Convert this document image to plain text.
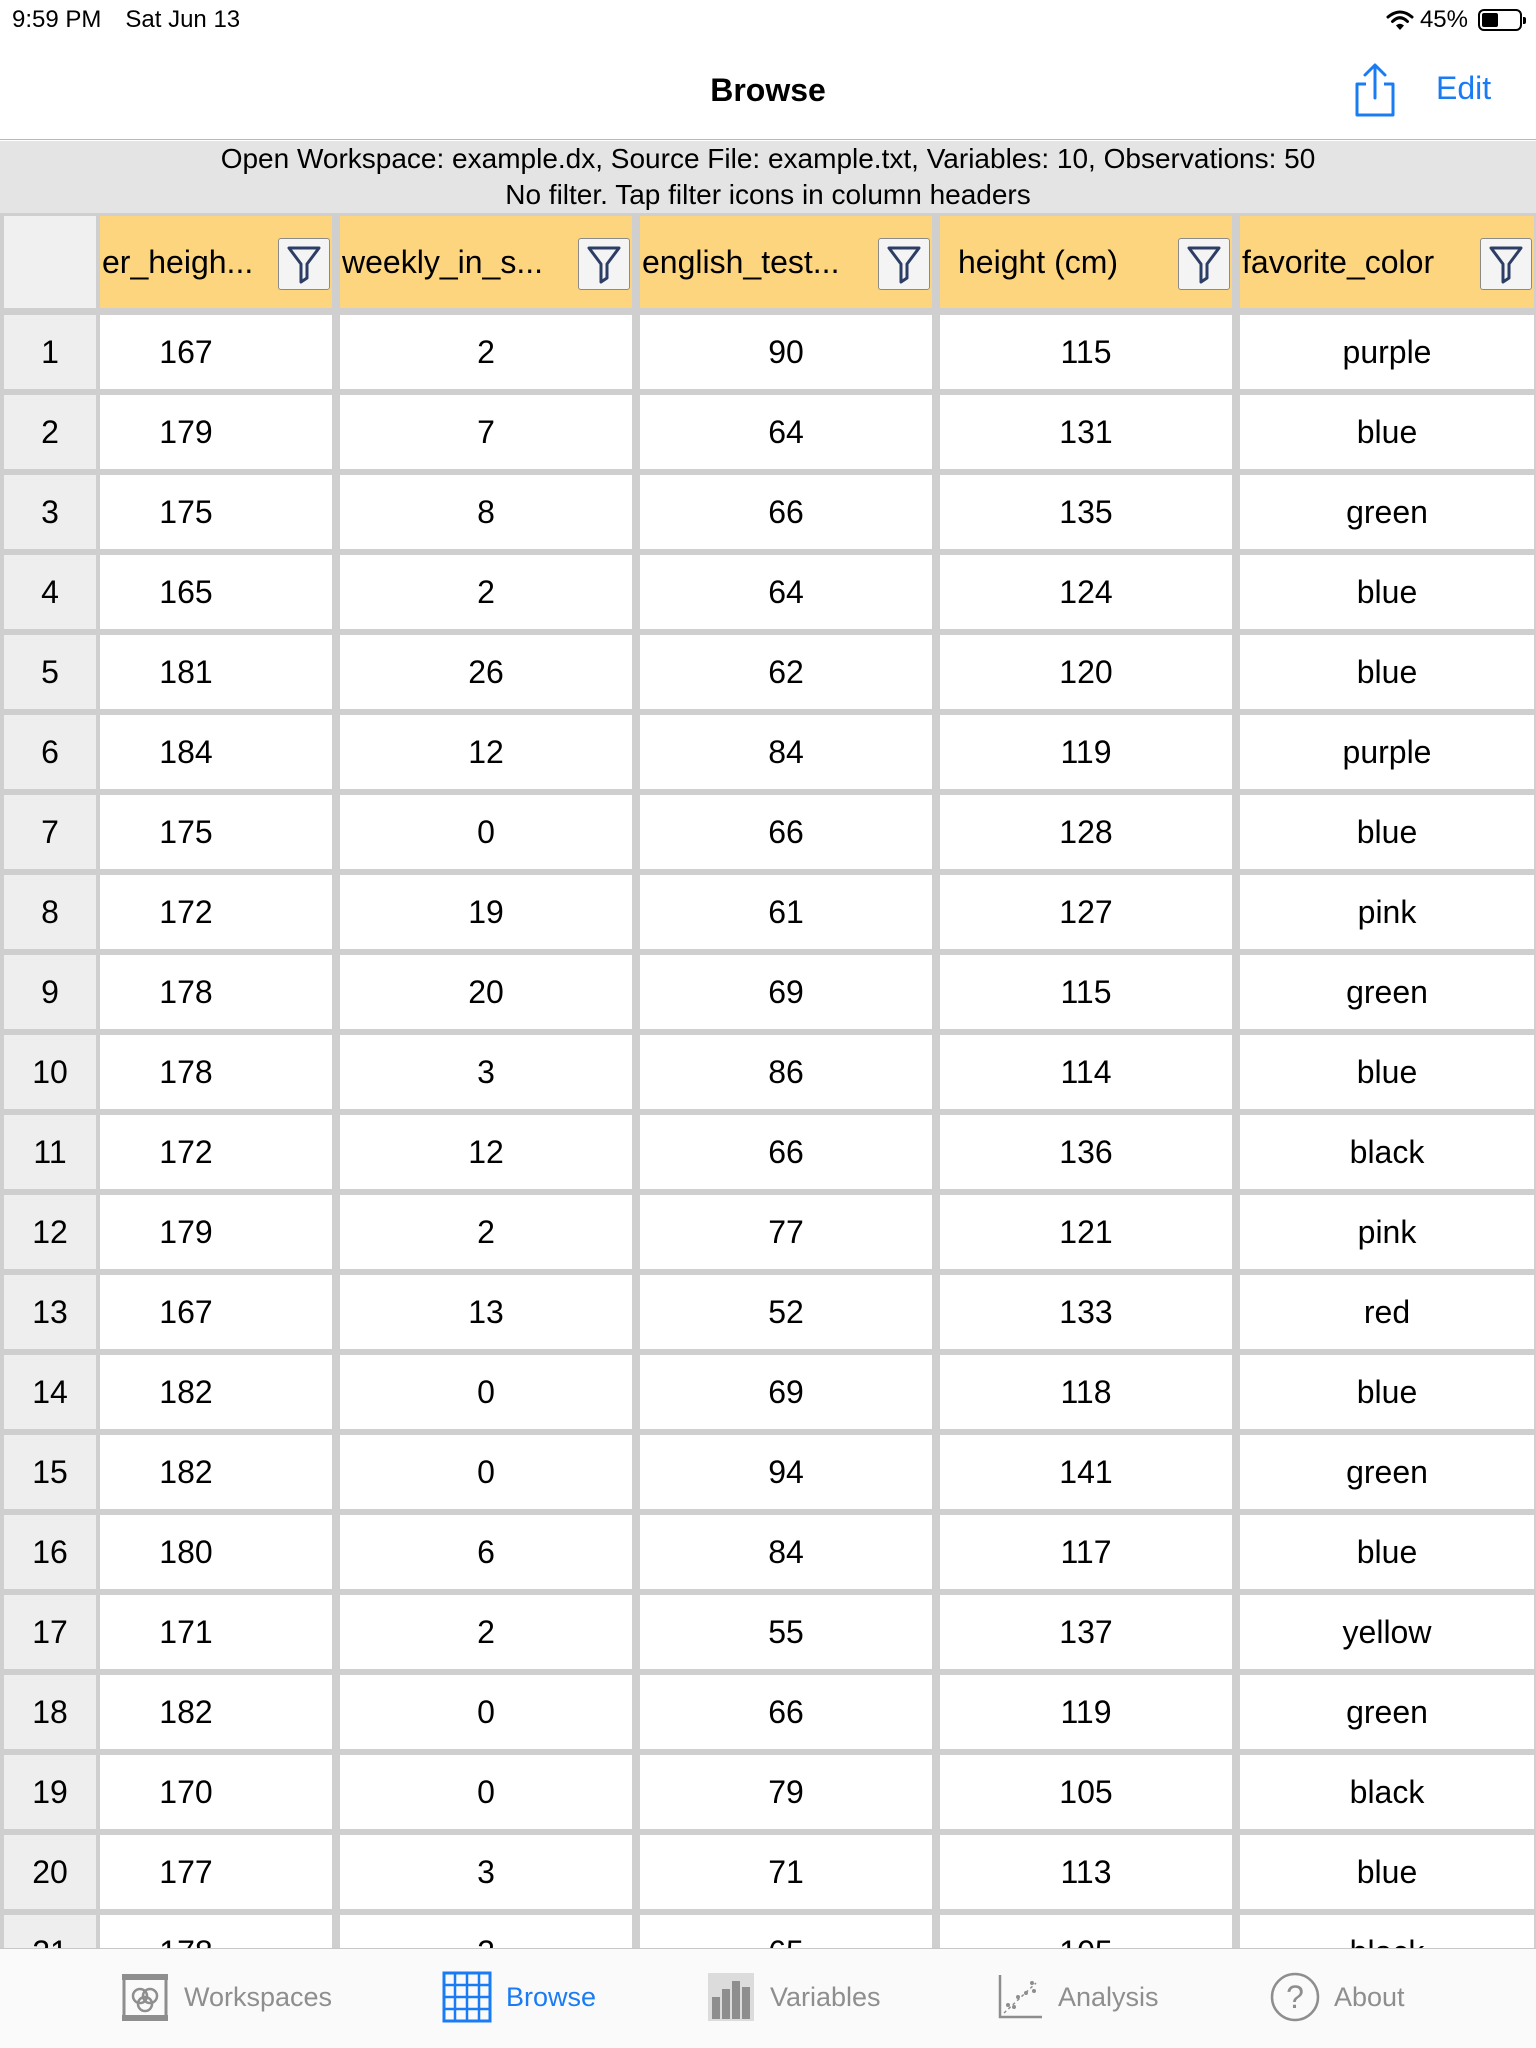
9:59 PM Sat Jun 13	45%
Browse	Edit
Open Workspace: example.dx, Source File: example.txt, Variables: 10, Observations: 50
No filter. Tap filter icons in column headers
er_heigh...	weekly_in_s...	english_test...	height (cm)	favorite_color
1	167	2	90	115	purple
2	179	7	64	131	blue
3	175	8	66	135	green
4	165	2	64	124	blue
5	181	26	62	120	blue
6	184	12	84	119	purple
7	175	0	66	128	blue
8	172	19	61	127	pink
9	178	20	69	115	green
10	178	3	86	114	blue
11	172	12	66	136	black
12	179	2	77	121	pink
13	167	13	52	133	red
14	182	0	69	118	blue
15	182	0	94	141	green
16	180	6	84	117	blue
17	171	2	55	137	yellow
18	182	0	66	119	green
19	170	0	79	105	black
20	177	3	71	113	blue
Workspaces	Browse	Variables	Analysis	? About
